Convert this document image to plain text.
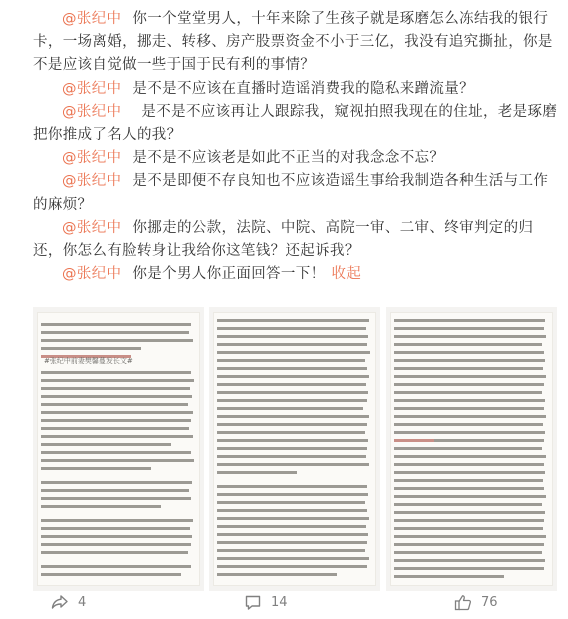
@张纪中 你一个堂堂男人，十年来除了生孩子就是琢磨怎么冻结我的银行卡，一场离婚，挪走、转移、房产股票资金不小于三亿，我没有追究撕扯，你是不是应该自觉做一些于国于民有利的事情？

@张纪中 是不是不应该在直播时造谣消费我的隐私来蹭流量？

@张纪中 是不是不应该再让人跟踪我，窥视拍照我现在的住址，老是琢磨把你推成了名人的我？

@张纪中 是不是不应该老是如此不正当的对我念念不忘？

@张纪中 是不是即便不存良知也不应该造谣生事给我制造各种生活与工作的麻烦？

@张纪中 你挪走的公款，法院、中院、高院一审、二审、终审判定的归还，你怎么有脸转身让我给你这笔钱？还起诉我？

@张纪中 你是个男人你正面回答一下！ 收起

#张纪中前妻樊馨蔓发长文#
4	14	76
